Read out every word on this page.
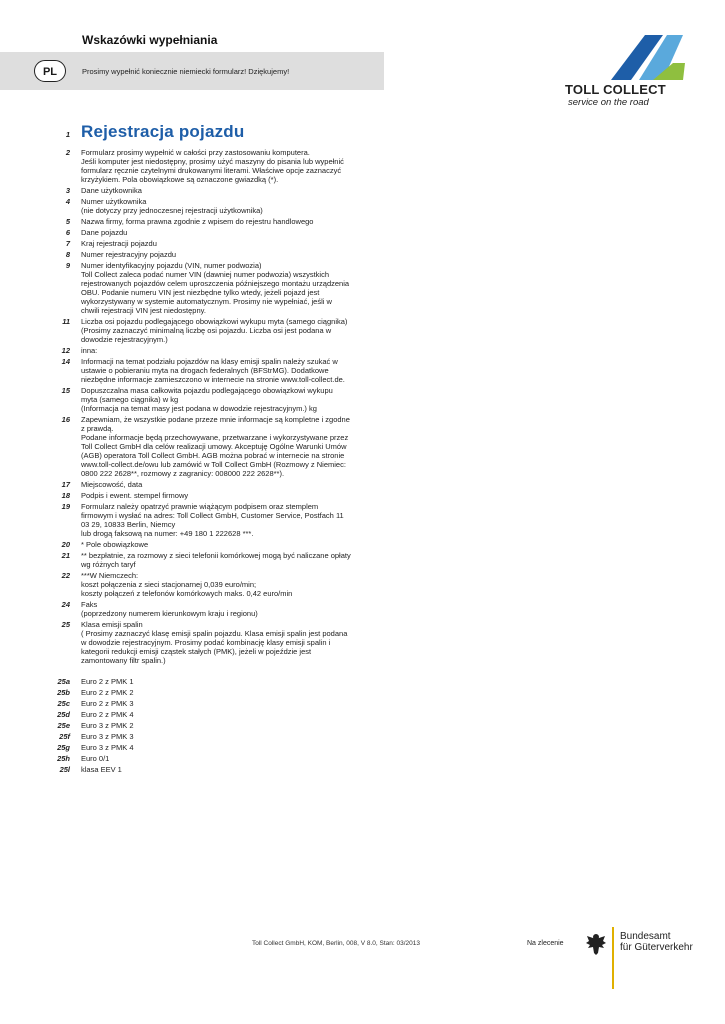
Wskazówki wypełniania
PL	Prosimy wypełnić koniecznie niemiecki formularz! Dziękujemy!
TOLL COLLECT
service on the road
1 Rejestracja pojazdu
2 Formularz prosimy wypełnić w całości przy zastosowaniu komputera.
Jeśli komputer jest niedostępny, prosimy użyć maszyny do pisania lub wypełnić formularz ręcznie czytelnymi drukowanymi literami. Właściwe opcje zaznaczyć krzyżykiem. Pola obowiązkowe są oznaczone gwiazdką (*).
3 Dane użytkownika
4 Numer użytkownika
(nie dotyczy przy jednoczesnej rejestracji użytkownika)
5 Nazwa firmy, forma prawna zgodnie z wpisem do rejestru handlowego
6 Dane pojazdu
7 Kraj rejestracji pojazdu
8 Numer rejestracyjny pojazdu
9 Numer identyfikacyjny pojazdu (VIN, numer podwozia)
Toll Collect zaleca podać numer VIN (dawniej numer podwozia) wszystkich rejestrowanych pojazdów celem uproszczenia późniejszego montażu urządzenia OBU. Podanie numeru VIN jest niezbędne tylko wtedy, jeżeli pojazd jest wykorzystywany w systemie automatycznym. Prosimy nie wypełniać, jeśli w chwili rejestracji VIN jest niedostępny.
11 Liczba osi pojazdu podlegającego obowiązkowi wykupu myta (samego ciągnika)
(Prosimy zaznaczyć minimalną liczbę osi pojazdu. Liczba osi jest podana w dowodzie rejestracyjnym.)
12 inna:
14 Informacji na temat podziału pojazdów na klasy emisji spalin należy szukać w ustawie o pobieraniu myta na drogach federalnych (BFStrMG). Dodatkowe niezbędne informacje zamieszczono w internecie na stronie www.toll-collect.de.
15 Dopuszczalna masa całkowita pojazdu podlegającego obowiązkowi wykupu myta (samego ciągnika) w kg
(Informacja na temat masy jest podana w dowodzie rejestracyjnym.) kg
16 Zapewniam, że wszystkie podane przeze mnie informacje są kompletne i zgodne z prawdą.
Podane informacje będą przechowywane, przetwarzane i wykorzystywane przez Toll Collect GmbH dla celów realizacji umowy. Akceptuję Ogólne Warunki Umów (AGB) operatora Toll Collect GmbH. AGB można pobrać w internecie na stronie www.toll-collect.de/owu lub zamówić w Toll Collect GmbH (Rozmowy z Niemiec: 0800 222 2628**, rozmowy z zagranicy: 008000 222 2628**).
17 Miejscowość, data
18 Podpis i ewent. stempel firmowy
19 Formularz należy opatrzyć prawnie wiążącym podpisem oraz stemplem firmowym i wysłać na adres: Toll Collect GmbH, Customer Service, Postfach 11 03 29, 10833 Berlin, Niemcy
lub drogą faksową na numer: +49 180 1 222628 ***.
20 * Pole obowiązkowe
21 ** bezpłatnie, za rozmowy z sieci telefonii komórkowej mogą być naliczane opłaty wg różnych taryf
22 ***W Niemczech:
koszt połączenia z sieci stacjonarnej 0,039 euro/min;
koszty połączeń z telefonów komórkowych maks. 0,42 euro/min
24 Faks
(poprzedzony numerem kierunkowym kraju i regionu)
25 Klasa emisji spalin
( Prosimy zaznaczyć klasę emisji spalin pojazdu. Klasa emisji spalin jest podana w dowodzie rejestracyjnym. Prosimy podać kombinację klasy emisji spalin i kategorii redukcji emisji cząstek stałych (PMK), jeżeli w pojeździe jest zamontowany filtr spalin.)
25a Euro 2 z PMK 1
25b Euro 2 z PMK 2
25c Euro 2 z PMK 3
25d Euro 2 z PMK 4
25e Euro 3 z PMK 2
25f Euro 3 z PMK 3
25g Euro 3 z PMK 4
25h Euro 0/1
25l klasa EEV 1
Toll Collect GmbH, KOM, Berlin, 008, V 8.0, Stan: 03/2013	Na zlecenie
Bundesamt
für Güterverkehr
